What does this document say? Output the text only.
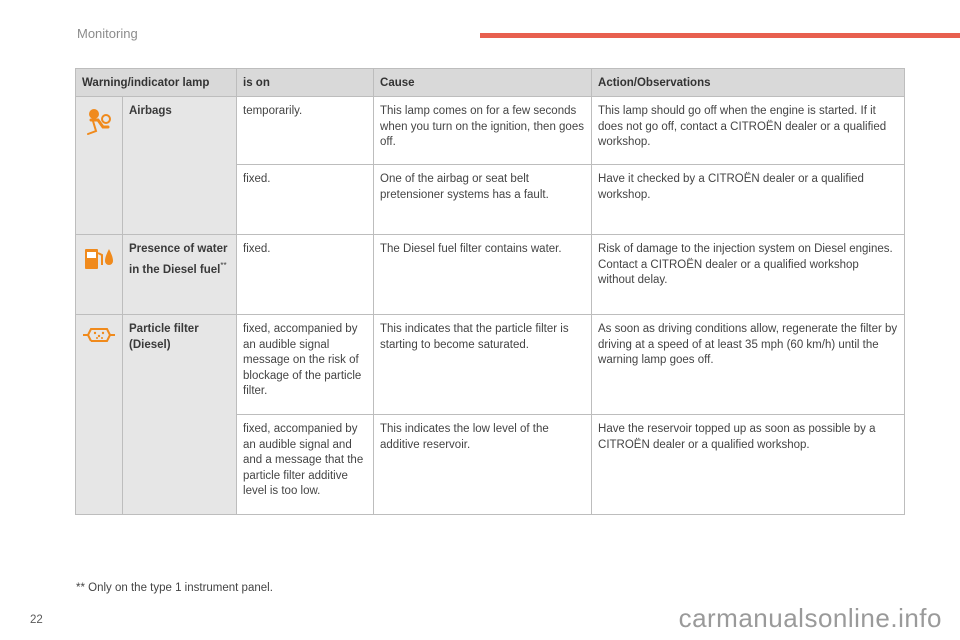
Monitoring
Warning/indicator lamp		is on	Cause	Action/Observations

	Airbags	temporarily.	This lamp comes on for a few seconds when you turn on the ignition, then goes off.	This lamp should go off when the engine is started. If it does not go off, contact a CITROËN dealer or a qualified workshop.
		fixed.	One of the airbag or seat belt pretensioner systems has a fault.	Have it checked by a CITROËN dealer or a qualified workshop.

	Presence of water in the Diesel fuel**	fixed.	The Diesel fuel filter contains water.	Risk of damage to the injection system on Diesel engines. Contact a CITROËN dealer or a qualified workshop without delay.

	Particle filter (Diesel)	fixed, accompanied by an audible signal message on the risk of blockage of the particle filter.	This indicates that the particle filter is starting to become saturated.	As soon as driving conditions allow, regenerate the filter by driving at a speed of at least 35 mph (60 km/h) until the warning lamp goes off.
		fixed, accompanied by an audible signal and and a message that the particle filter additive level is too low.	This indicates the low level of the additive reservoir.	Have the reservoir topped up as soon as possible by a CITROËN dealer or a qualified workshop.
** Only on the type 1 instrument panel.
22	carmanualsonline.info
